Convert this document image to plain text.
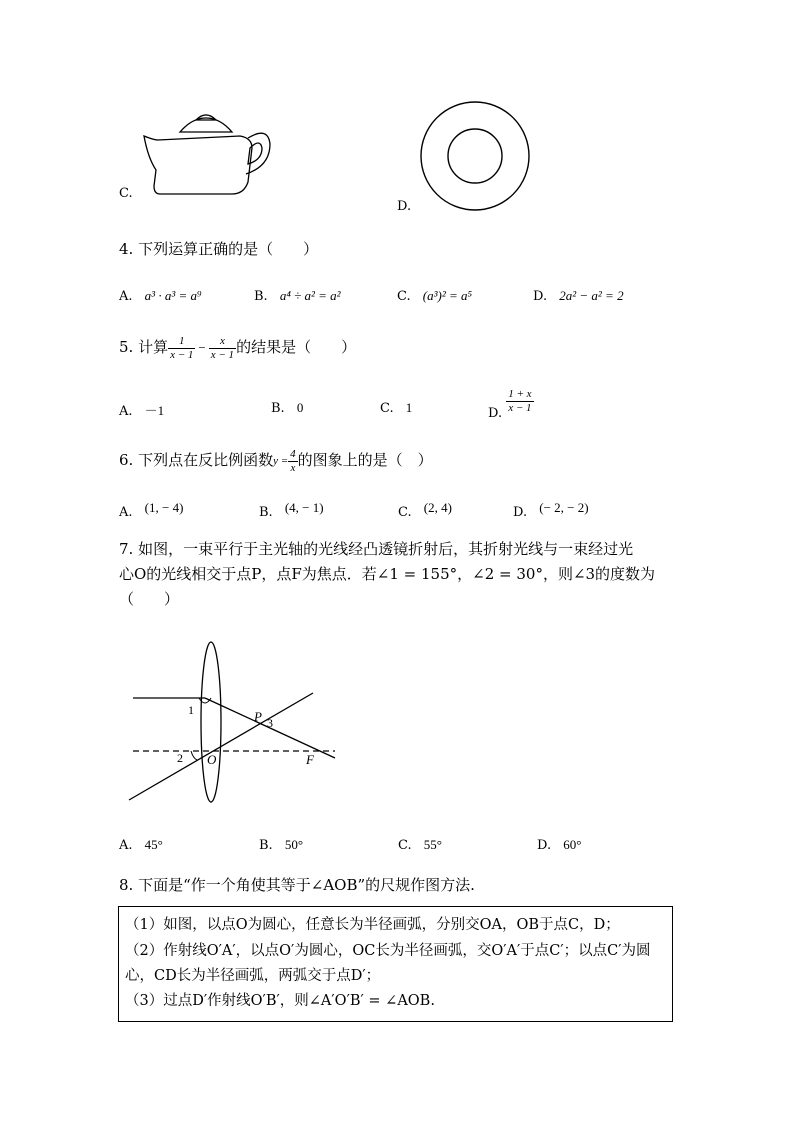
C.
D.
4. 下列运算正确的是（　　）
A. a³ · a³ = a⁹	B. a⁴ ÷ a² = a²	C. (a³)² = a⁵	D. 2a² − a² = 2
5. 计算 $\frac{1}{x - 1} - \frac{x}{x - 1}$ 的结果是（　　）
A. －1	B. 0	C. 1	D. $\frac{1 + x}{x - 1}$
6. 下列点在反比例函数$y = \frac{4}{x}$ 的图象上的是（　）
A. (1, − 4)	B. (4, − 1)	C. (2, 4)	D. (− 2, − 2)
7. 如图，一束平行于主光轴的光线经凸透镜折射后，其折射光线与一束经过光
心O的光线相交于点P，点F为焦点．若∠1 = 155°，∠2 = 30°，则∠3的度数为
（　　）
1
2
3
P
O	F
A. 45°	B. 50°	C. 55°	D. 60°
8. 下面是“作一个角使其等于∠AOB”的尺规作图方法.
（1）如图，以点O为圆心，任意长为半径画弧，分别交OA，OB于点C，D；
（2）作射线O′A′，以点O′为圆心，OC长为半径画弧，交O′A′于点C′；以点C′为圆
心，CD长为半径画弧，两弧交于点D′；
（3）过点D′作射线O′B′，则∠A′O′B′ = ∠AOB.
